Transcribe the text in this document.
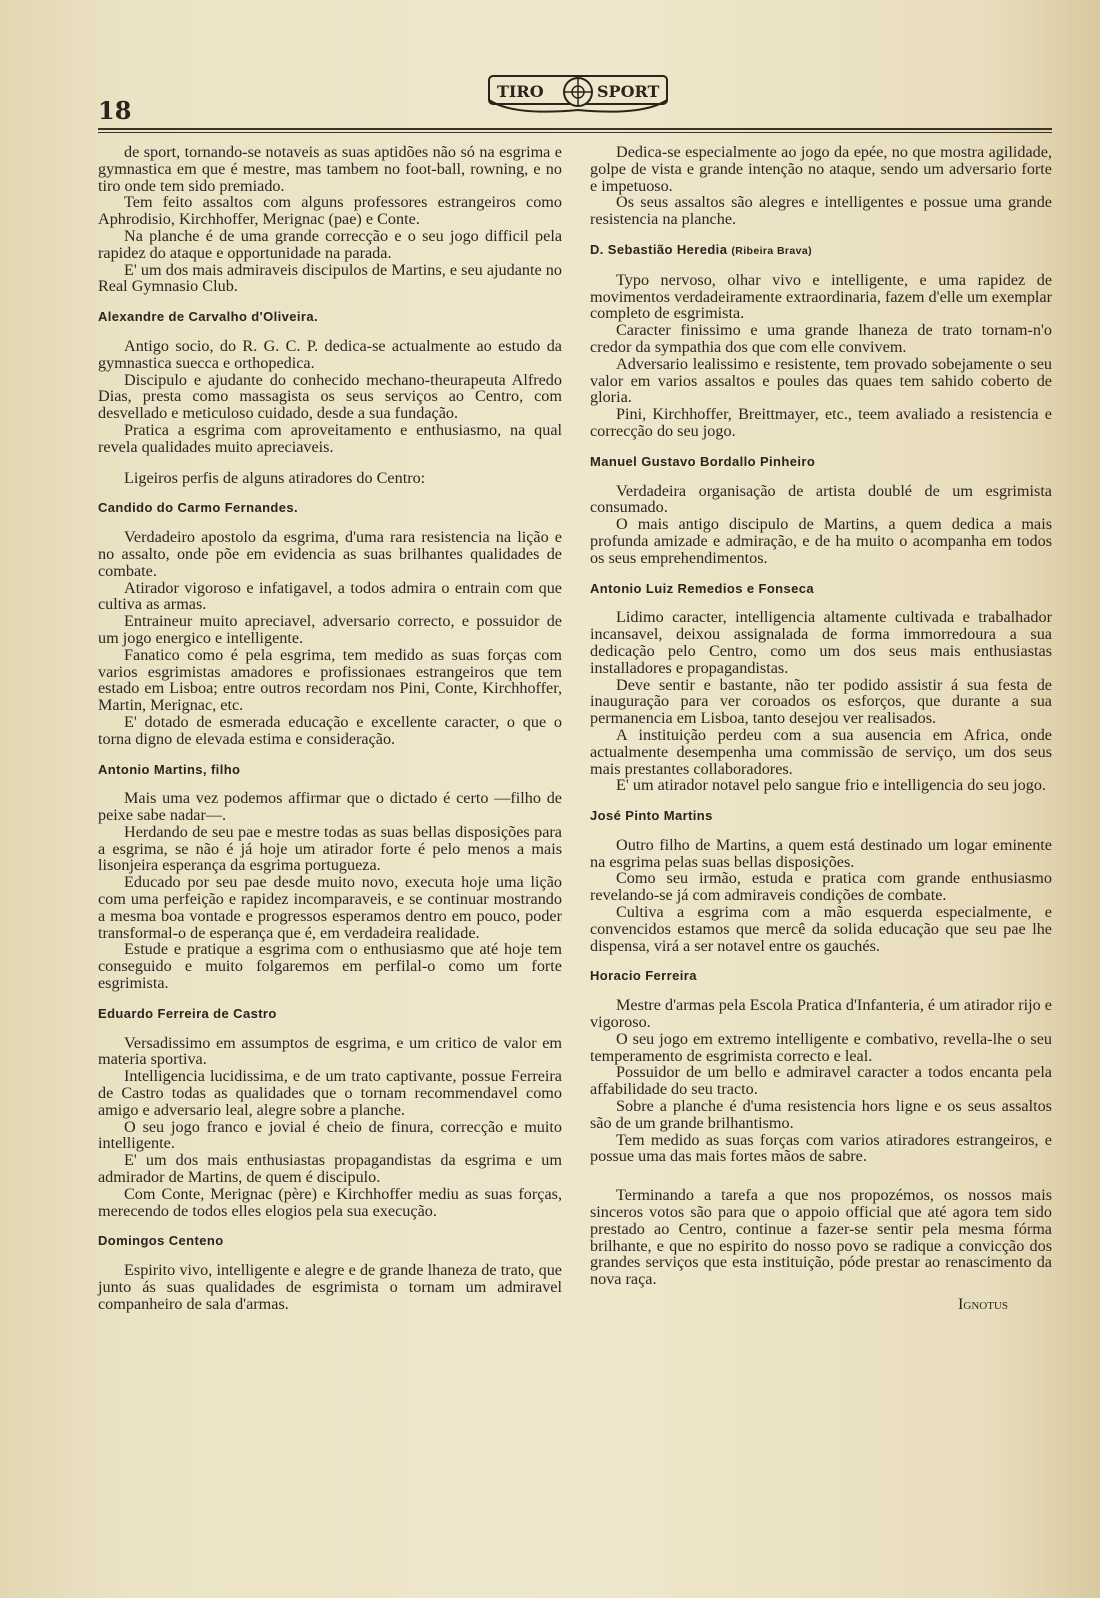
18
TIRO	SPORT

de sport, tornando-se notaveis as suas aptidões não só na esgrima e gymnastica em que é mestre, mas tambem no foot-ball, rowning, e no tiro onde tem sido premiado.

Tem feito assaltos com alguns professores estrangeiros como Aphrodisio, Kirchhoffer, Merignac (pae) e Conte.

Na planche é de uma grande correcção e o seu jogo difficil pela rapidez do ataque e opportunidade na parada.

E' um dos mais admiraveis discipulos de Martins, e seu ajudante no Real Gymnasio Club.

Alexandre de Carvalho d'Oliveira.

Antigo socio, do R. G. C. P. dedica-se actualmente ao estudo da gymnastica suecca e orthopedica.

Discipulo e ajudante do conhecido mechano-theurapeuta Alfredo Dias, presta como massagista os seus serviços ao Centro, com desvellado e meticuloso cuidado, desde a sua fundação.

Pratica a esgrima com aproveitamento e enthusiasmo, na qual revela qualidades muito apreciaveis.

Ligeiros perfis de alguns atiradores do Centro:

Candido do Carmo Fernandes.

Verdadeiro apostolo da esgrima, d'uma rara resistencia na lição e no assalto, onde põe em evidencia as suas brilhantes qualidades de combate.

Atirador vigoroso e infatigavel, a todos admira o entrain com que cultiva as armas.

Entraineur muito apreciavel, adversario correcto, e possuidor de um jogo energico e intelligente.

Fanatico como é pela esgrima, tem medido as suas forças com varios esgrimistas amadores e profissionaes estrangeiros que tem estado em Lisboa; entre outros recordam nos Pini, Conte, Kirchhoffer, Martin, Merignac, etc.

E' dotado de esmerada educação e excellente caracter, o que o torna digno de elevada estima e consideração.

Antonio Martins, filho

Mais uma vez podemos affirmar que o dictado é certo —filho de peixe sabe nadar—.

Herdando de seu pae e mestre todas as suas bellas disposições para a esgrima, se não é já hoje um atirador forte é pelo menos a mais lisonjeira esperança da esgrima portugueza.

Educado por seu pae desde muito novo, executa hoje uma lição com uma perfeição e rapidez incomparaveis, e se continuar mostrando a mesma boa vontade e progressos esperamos dentro em pouco, poder transformal-o de esperança que é, em verdadeira realidade.

Estude e pratique a esgrima com o enthusiasmo que até hoje tem conseguido e muito folgaremos em perfilal-o como um forte esgrimista.

Eduardo Ferreira de Castro

Versadissimo em assumptos de esgrima, e um critico de valor em materia sportiva.

Intelligencia lucidissima, e de um trato captivante, possue Ferreira de Castro todas as qualidades que o tornam recommendavel como amigo e adversario leal, alegre sobre a planche.

O seu jogo franco e jovial é cheio de finura, correcção e muito intelligente.

E' um dos mais enthusiastas propagandistas da esgrima e um admirador de Martins, de quem é discipulo.

Com Conte, Merignac (père) e Kirchhoffer mediu as suas forças, merecendo de todos elles elogios pela sua execução.

Domingos Centeno

Espirito vivo, intelligente e alegre e de grande lhaneza de trato, que junto ás suas qualidades de esgrimista o tornam um admiravel companheiro de sala d'armas.

Dedica-se especialmente ao jogo da epée, no que mostra agilidade, golpe de vista e grande intenção no ataque, sendo um adversario forte e impetuoso.

Os seus assaltos são alegres e intelligentes e possue uma grande resistencia na planche.

D. Sebastião Heredia (Ribeira Brava)

Typo nervoso, olhar vivo e intelligente, e uma rapidez de movimentos verdadeiramente extraordinaria, fazem d'elle um exemplar completo de esgrimista.

Caracter finissimo e uma grande lhaneza de trato tornam-n'o credor da sympathia dos que com elle convivem.

Adversario lealissimo e resistente, tem provado sobejamente o seu valor em varios assaltos e poules das quaes tem sahido coberto de gloria.

Pini, Kirchhoffer, Breittmayer, etc., teem avaliado a resistencia e correcção do seu jogo.

Manuel Gustavo Bordallo Pinheiro

Verdadeira organisação de artista doublé de um esgrimista consumado.

O mais antigo discipulo de Martins, a quem dedica a mais profunda amizade e admiração, e de ha muito o acompanha em todos os seus emprehendimentos.

Antonio Luiz Remedios e Fonseca

Lidimo caracter, intelligencia altamente cultivada e trabalhador incansavel, deixou assignalada de forma immorredoura a sua dedicação pelo Centro, como um dos seus mais enthusiastas installadores e propagandistas.

Deve sentir e bastante, não ter podido assistir á sua festa de inauguração para ver coroados os esforços, que durante a sua permanencia em Lisboa, tanto desejou ver realisados.

A instituição perdeu com a sua ausencia em Africa, onde actualmente desempenha uma commissão de serviço, um dos seus mais prestantes collaboradores.

E' um atirador notavel pelo sangue frio e intelligencia do seu jogo.

José Pinto Martins

Outro filho de Martins, a quem está destinado um logar eminente na esgrima pelas suas bellas disposições.

Como seu irmão, estuda e pratica com grande enthusiasmo revelando-se já com admiraveis condições de combate.

Cultiva a esgrima com a mão esquerda especialmente, e convencidos estamos que mercê da solida educação que seu pae lhe dispensa, virá a ser notavel entre os gauchés.

Horacio Ferreira

Mestre d'armas pela Escola Pratica d'Infanteria, é um atirador rijo e vigoroso.

O seu jogo em extremo intelligente e combativo, revella-lhe o seu temperamento de esgrimista correcto e leal.

Possuidor de um bello e admiravel caracter a todos encanta pela affabilidade do seu tracto.

Sobre a planche é d'uma resistencia hors ligne e os seus assaltos são de um grande brilhantismo.

Tem medido as suas forças com varios atiradores estrangeiros, e possue uma das mais fortes mãos de sabre.

Terminando a tarefa a que nos propozémos, os nossos mais sinceros votos são para que o appoio official que até agora tem sido prestado ao Centro, continue a fazer-se sentir pela mesma fórma brilhante, e que no espirito do nosso povo se radique a convicção dos grandes serviços que esta instituição, póde prestar ao renascimento da nova raça.

Ignotus
